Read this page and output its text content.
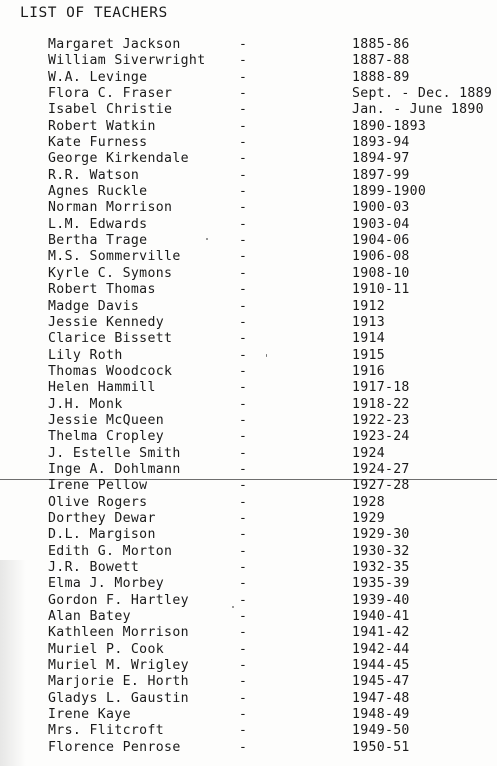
LIST OF TEACHERS
Margaret Jackson	-	1885-86
William Siverwright	-	1887-88
W.A. Levinge	-	1888-89
Flora C. Fraser	-	Sept. - Dec. 1889
Isabel Christie	-	Jan. - June 1890
Robert Watkin	-	1890-1893
Kate Furness	-	1893-94
George Kirkendale	-	1894-97
R.R. Watson	-	1897-99
Agnes Ruckle	-	1899-1900
Norman Morrison	-	1900-03
L.M. Edwards	-	1903-04
Bertha Trage	-	1904-06
M.S. Sommerville	-	1906-08
Kyrle C. Symons	-	1908-10
Robert Thomas	-	1910-11
Madge Davis	-	1912
Jessie Kennedy	-	1913
Clarice Bissett	-	1914
Lily Roth	-	1915
Thomas Woodcock	-	1916
Helen Hammill	-	1917-18
J.H. Monk	-	1918-22
Jessie McQueen	-	1922-23
Thelma Cropley	-	1923-24
J. Estelle Smith	-	1924
Inge A. Dohlmann	-	1924-27
Irene Pellow	-	1927-28
Olive Rogers	-	1928
Dorthey Dewar	-	1929
D.L. Margison	-	1929-30
Edith G. Morton	-	1930-32
J.R. Bowett	-	1932-35
Elma J. Morbey	-	1935-39
Gordon F. Hartley	-	1939-40
Alan Batey	-	1940-41
Kathleen Morrison	-	1941-42
Muriel P. Cook	-	1942-44
Muriel M. Wrigley	-	1944-45
Marjorie E. Horth	-	1945-47
Gladys L. Gaustin	-	1947-48
Irene Kaye	-	1948-49
Mrs. Flitcroft	-	1949-50
Florence Penrose	-	1950-51
